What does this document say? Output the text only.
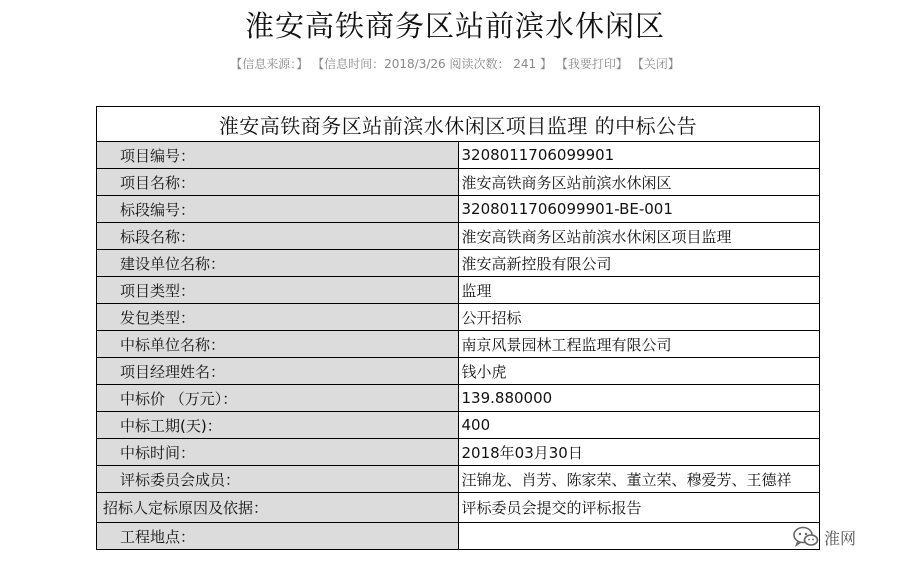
淮安高铁商务区站前滨水休闲区
【信息来源：】 【信息时间：2018/3/26 阅读次数： 241 】 【我要打印】 【关闭】
淮安高铁商务区站前滨水休闲区项目监理 的中标公告	
项目编号：	3208011706099901
项目名称：	淮安高铁商务区站前滨水休闲区
标段编号：	3208011706099901-BE-001
标段名称：	淮安高铁商务区站前滨水休闲区项目监理
建设单位名称：	淮安高新控股有限公司
项目类型：	监理
发包类型：	公开招标
中标单位名称：	南京风景园林工程监理有限公司
项目经理姓名：	钱小虎
中标价 （万元）：	139.880000
中标工期(天)：	400
中标时间：	2018年03月30日
评标委员会成员：	汪锦龙、肖芳、陈家荣、董立荣、穆爱芳、王德祥
招标人定标原因及依据：	评标委员会提交的评标报告
工程地点：		淮网
